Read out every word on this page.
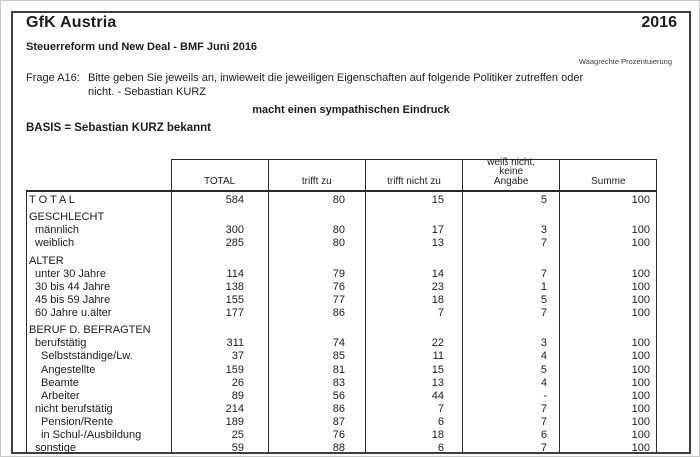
GfK Austria	2016
Steuerreform und New Deal - BMF Juni 2016
Waagrechte Prozentuierung
Frage A16: Bitte geben Sie jeweils an, inwieweit die jeweiligen Eigenschaften auf folgende Politiker zutreffen oder
nicht. - Sebastian KURZ
macht einen sympathischen Eindruck
BASIS = Sebastian KURZ bekannt
TOTAL	trifft zu	trifft nicht zu
weiß nicht,
keine
Angabe	Summe
T O T A L	584	80	15	5	100
GESCHLECHT
männlich	300	80	17	3	100
weiblich	285	80	13	7	100
ALTER
unter 30 Jahre	114	79	14	7	100
30 bis 44 Jahre	138	76	23	1	100
45 bis 59 Jahre	155	77	18	5	100
60 Jahre u.älter	177	86	7	7	100
BERUF D. BEFRAGTEN
berufstätig	311	74	22	3	100
Selbstständige/Lw.	37	85	11	4	100
Angestellte	159	81	15	5	100
Beamte	26	83	13	4	100
Arbeiter	89	56	44	-	100
nicht berufstätig	214	86	7	7	100
Pension/Rente	189	87	6	7	100
in Schul-/Ausbildung	25	76	18	6	100
sonstige	59	88	6	7	100
